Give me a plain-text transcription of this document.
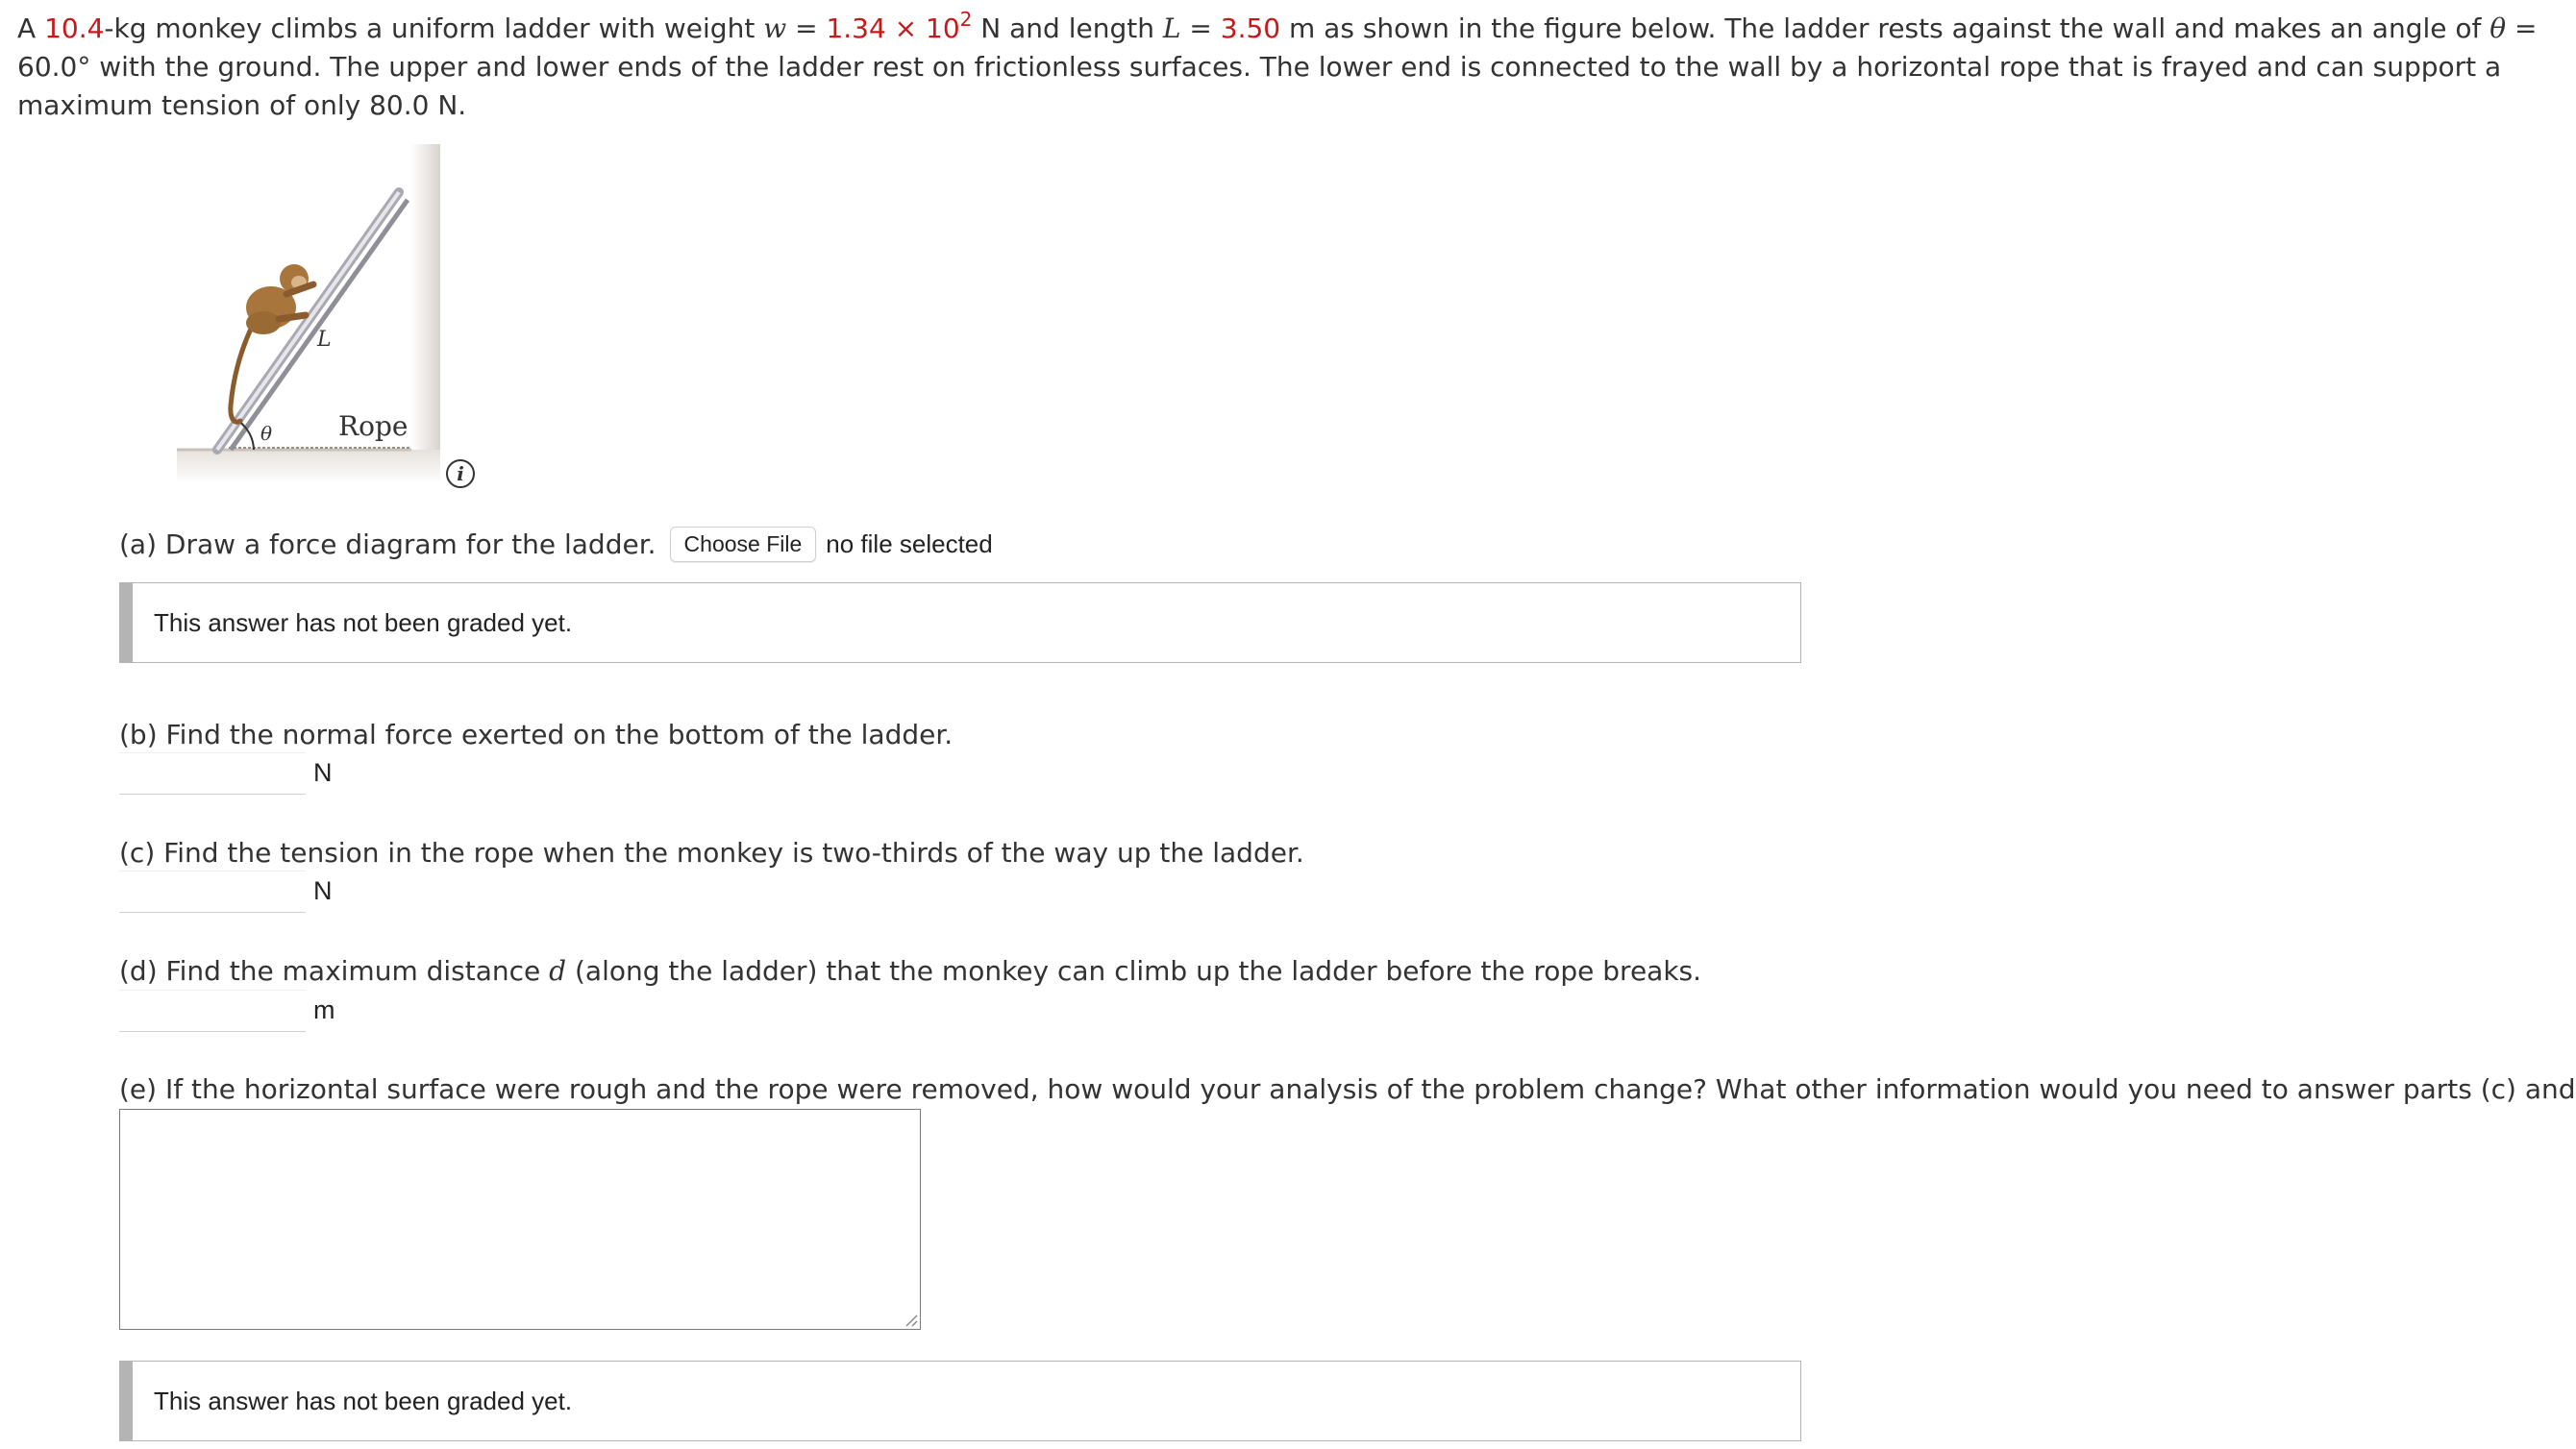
A 10.4-kg monkey climbs a uniform ladder with weight $w = 1.34 \times 10^2$ N and length L = 3.50 m as shown in the figure below. The ladder rests against the wall and makes an angle of θ = 60.0° with the ground. The upper and lower ends of the ladder rest on frictionless surfaces. The lower end is connected to the wall by a horizontal rope that is frayed and can support a maximum tension of only 80.0 N.

L
θ Rope
i
(a) Draw a force diagram for the ladder.	Choose File no file selected
This answer has not been graded yet.
(b) Find the normal force exerted on the bottom of the ladder.
N
(c) Find the tension in the rope when the monkey is two-thirds of the way up the ladder.
N
(d) Find the maximum distance d (along the ladder) that the monkey can climb up the ladder before the rope breaks.
m
(e) If the horizontal surface were rough and the rope were removed, how would your analysis of the problem change? What other information would you need to answer parts (c) and
This answer has not been graded yet.
